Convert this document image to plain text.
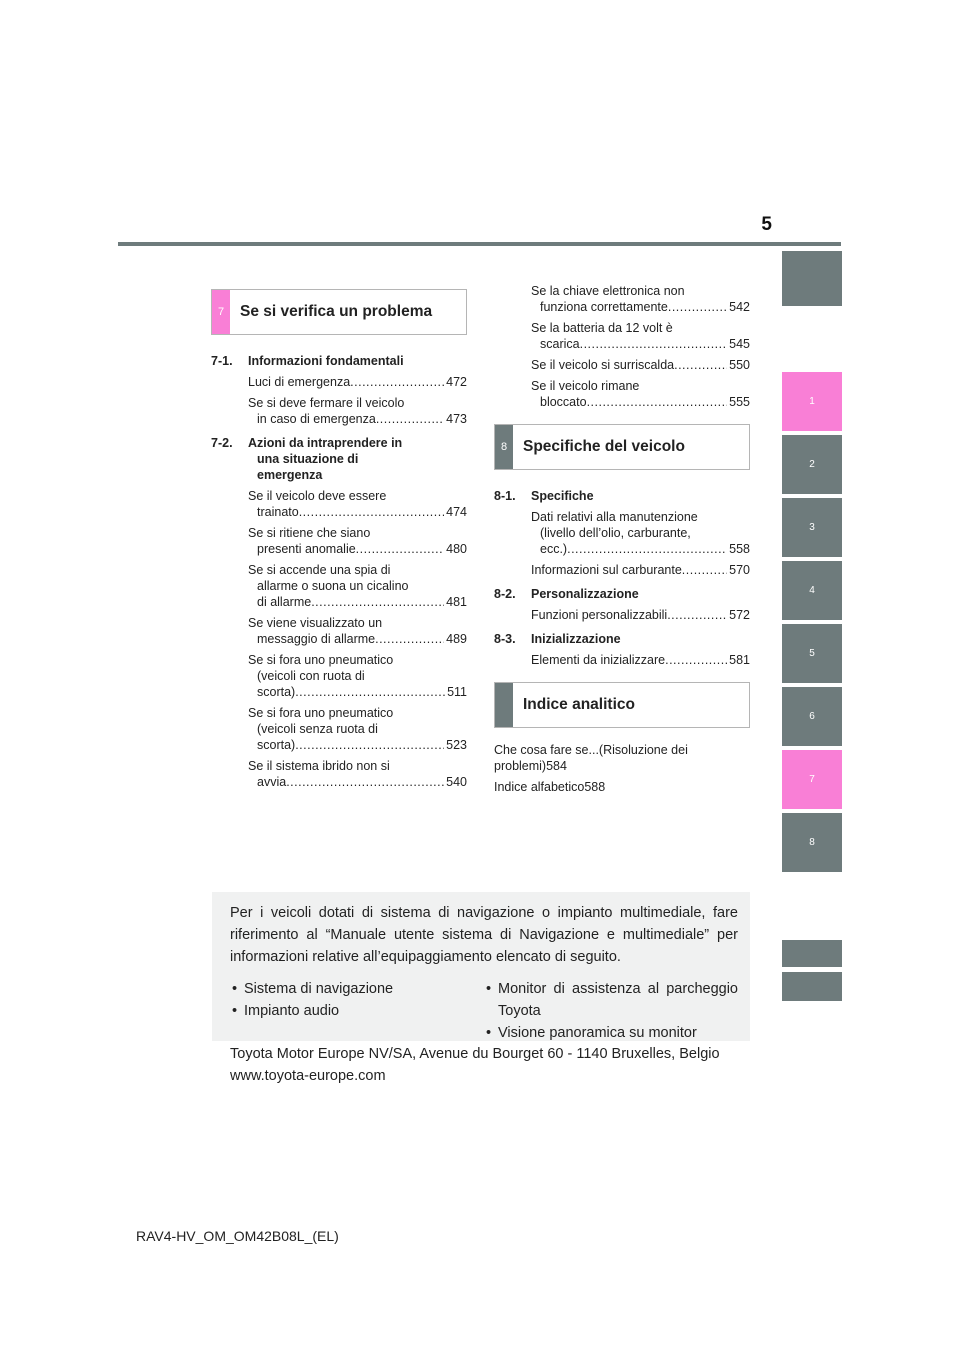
5
1
2
3
4
5
6
7
8
7	Se si verifica un problema
7-1.	Informazioni fondamentali
Luci di emergenza .....	472
Se si deve fermare il veicolo
in caso di emergenza .....	473
7-2.	Azioni da intraprendere in
una situazione di
emergenza
Se il veicolo deve essere
trainato .....	474
Se si ritiene che siano
presenti anomalie .....	480
Se si accende una spia di
allarme o suona un cicalino
di allarme .....	481
Se viene visualizzato un
messaggio di allarme .....	489
Se si fora uno pneumatico
(veicoli con ruota di
scorta) .....	511
Se si fora uno pneumatico
(veicoli senza ruota di
scorta) .....	523
Se il sistema ibrido non si
avvia .....	540
Se la chiave elettronica non
funziona correttamente .....	542
Se la batteria da 12 volt è
scarica .....	545
Se il veicolo si surriscalda .....	550
Se il veicolo rimane
bloccato .....	555
8	Specifiche del veicolo
8-1.	Specifiche
Dati relativi alla manutenzione
(livello dell’olio, carburante,
ecc.) .....	558
Informazioni sul carburante .....	570
8-2.	Personalizzazione
Funzioni personalizzabili .....	572
8-3.	Inizializzazione
Elementi da inizializzare .....	581
Indice analitico
Che cosa fare se...(Risoluzione dei problemi)584
Indice alfabetico588
Per i veicoli dotati di sistema di navigazione o impianto multimediale, fare riferimento al “Manuale utente sistema di Navigazione e multimediale” per informazioni relative all’equipaggiamento elencato di seguito.
• Sistema di navigazione
• Impianto audio
• Monitor di assistenza al parcheggio Toyota
• Visione panoramica su monitor
Toyota Motor Europe NV/SA, Avenue du Bourget 60 - 1140 Bruxelles, Belgio www.toyota-europe.com
RAV4-HV_OM_OM42B08L_(EL)
